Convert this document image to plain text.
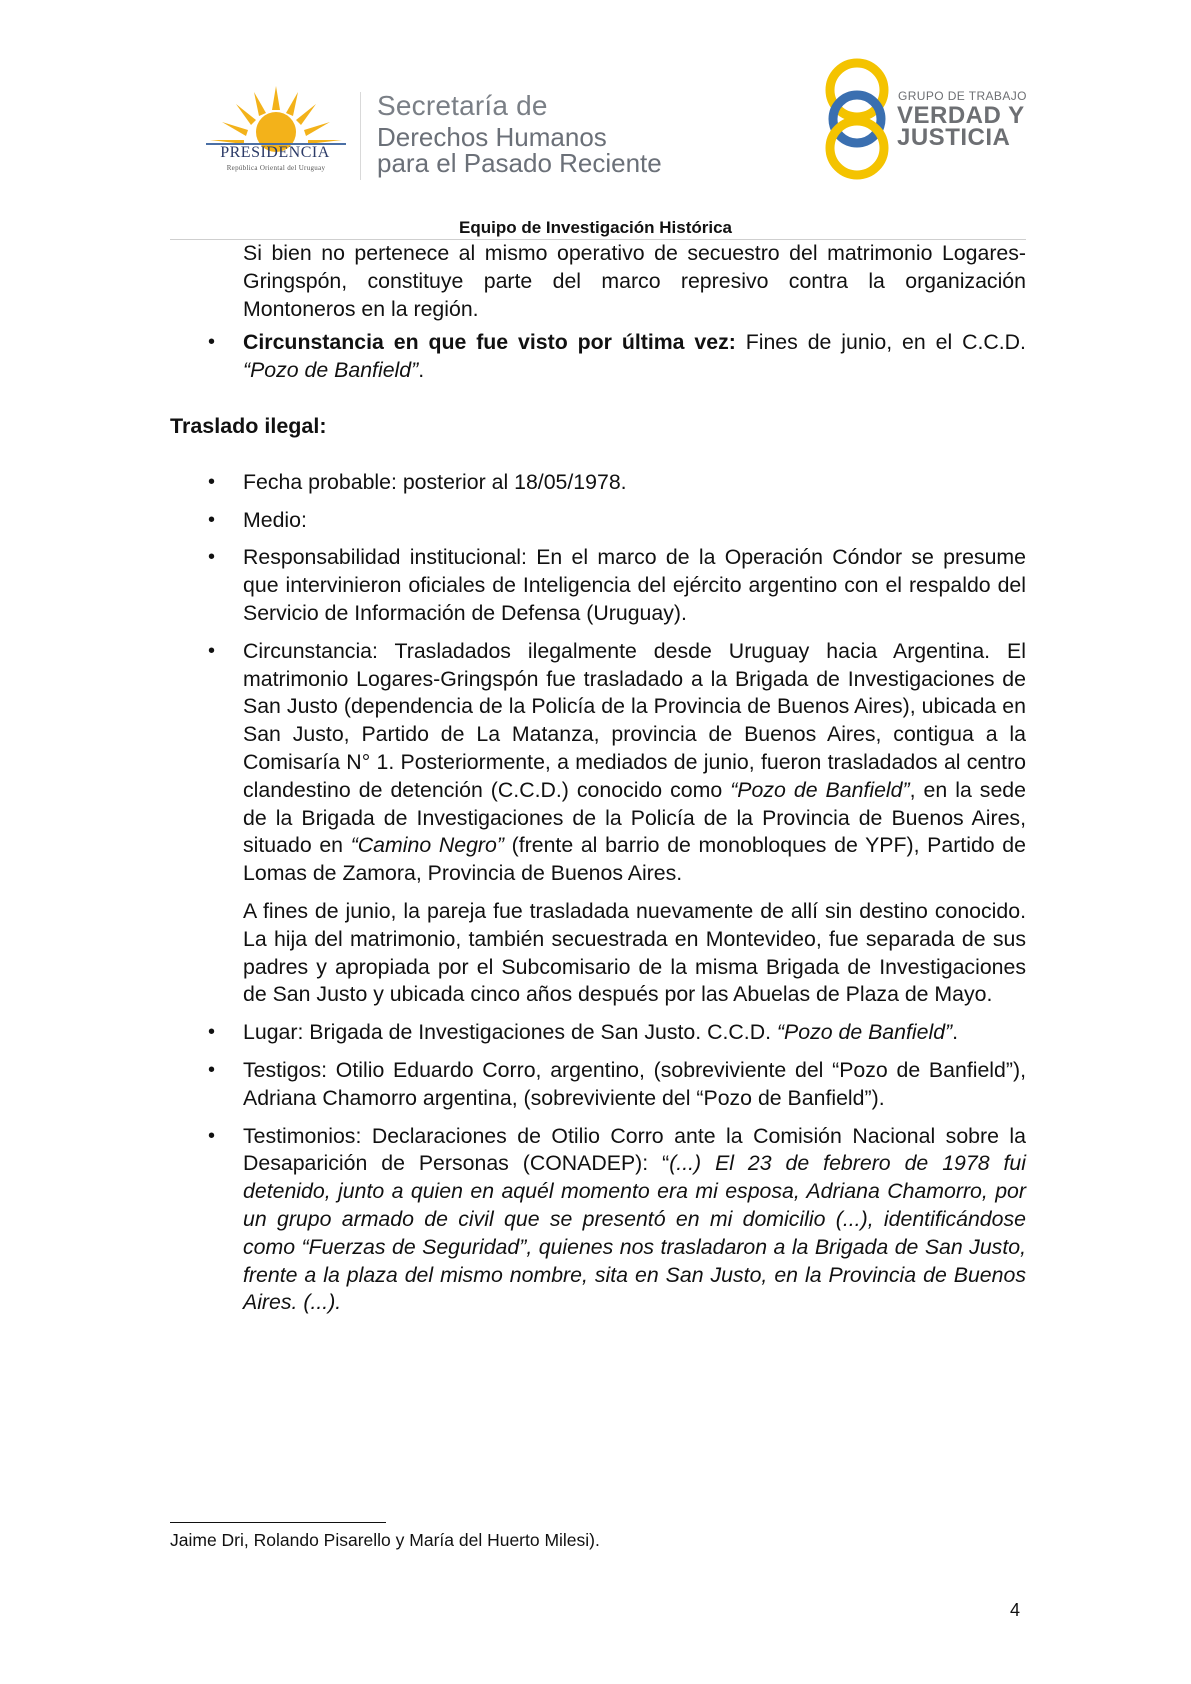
PRESIDENCIA
República Oriental del Uruguay
Secretaría de
Derechos Humanos
para el Pasado Reciente
GRUPO DE TRABAJO
VERDAD Y
JUSTICIA
Equipo de Investigación Histórica

Si bien no pertenece al mismo operativo de secuestro del matrimonio Logares-Gringspón, constituye parte del marco represivo contra la organización Montoneros en la región.

• Circunstancia en que fue visto por última vez: Fines de junio, en el C.C.D. “Pozo de Banfield”.

Traslado ilegal:

• Fecha probable: posterior al 18/05/1978.
• Medio:
• Responsabilidad institucional: En el marco de la Operación Cóndor se presume que intervinieron oficiales de Inteligencia del ejército argentino con el respaldo del Servicio de Información de Defensa (Uruguay).
• Circunstancia: Trasladados ilegalmente desde Uruguay hacia Argentina. El matrimonio Logares-Gringspón fue trasladado a la Brigada de Investigaciones de San Justo (dependencia de la Policía de la Provincia de Buenos Aires), ubicada en San Justo, Partido de La Matanza, provincia de Buenos Aires, contigua a la Comisaría N° 1. Posteriormente, a mediados de junio, fueron trasladados al centro clandestino de detención (C.C.D.) conocido como “Pozo de Banfield”, en la sede de la Brigada de Investigaciones de la Policía de la Provincia de Buenos Aires, situado en “Camino Negro” (frente al barrio de monobloques de YPF), Partido de Lomas de Zamora, Provincia de Buenos Aires.

A fines de junio, la pareja fue trasladada nuevamente de allí sin destino conocido. La hija del matrimonio, también secuestrada en Montevideo, fue separada de sus padres y apropiada por el Subcomisario de la misma Brigada de Investigaciones de San Justo y ubicada cinco años después por las Abuelas de Plaza de Mayo.

• Lugar: Brigada de Investigaciones de San Justo. C.C.D. “Pozo de Banfield”.
• Testigos: Otilio Eduardo Corro, argentino, (sobreviviente del “Pozo de Banfield”), Adriana Chamorro argentina, (sobreviviente del “Pozo de Banfield”).
• Testimonios: Declaraciones de Otilio Corro ante la Comisión Nacional sobre la Desaparición de Personas (CONADEP): “(...) El 23 de febrero de 1978 fui detenido, junto a quien en aquél momento era mi esposa, Adriana Chamorro, por un grupo armado de civil que se presentó en mi domicilio (...), identificándose como “Fuerzas de Seguridad”, quienes nos trasladaron a la Brigada de San Justo, frente a la plaza del mismo nombre, sita en San Justo, en la Provincia de Buenos Aires. (...).
Jaime Dri, Rolando Pisarello y María del Huerto Milesi).
4
